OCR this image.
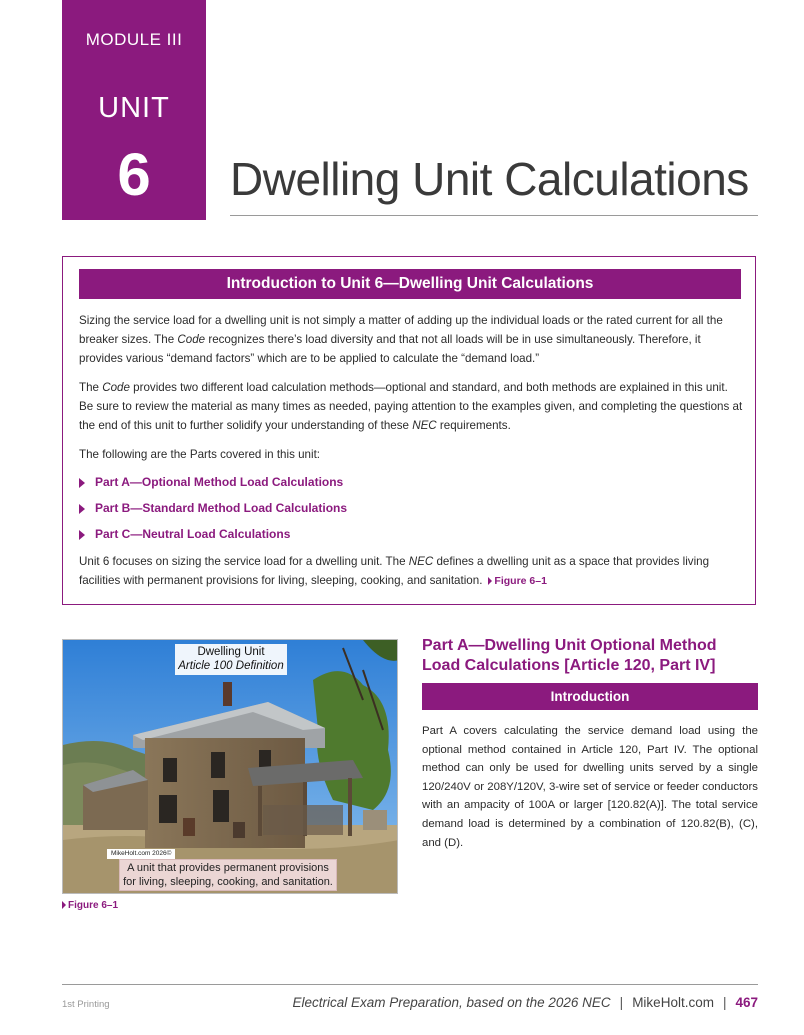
MODULE III
UNIT
6	Dwelling Unit Calculations
Introduction to Unit 6—Dwelling Unit Calculations

Sizing the service load for a dwelling unit is not simply a matter of adding up the individual loads or the rated current for all the breaker sizes. The Code recognizes there’s load diversity and that not all loads will be in use simultaneously. Therefore, it provides various “demand factors” which are to be applied to calculate the “demand load.”

The Code provides two different load calculation methods—optional and standard, and both methods are explained in this unit. Be sure to review the material as many times as needed, paying attention to the examples given, and completing the questions at the end of this unit to further solidify your understanding of these NEC requirements.

The following are the Parts covered in this unit:

Part A—Optional Method Load Calculations
Part B—Standard Method Load Calculations
Part C—Neutral Load Calculations

Unit 6 focuses on sizing the service load for a dwelling unit. The NEC defines a dwelling unit as a space that provides living facilities with permanent provisions for living, sleeping, cooking, and sanitation. Figure 6–1

Dwelling Unit
Article 100 Definition
MikeHolt.com 2026©
A unit that provides permanent provisions for living, sleeping, cooking, and sanitation.
Figure 6–1
Part A—Dwelling Unit Optional Method Load Calculations [Article 120, Part IV]
Introduction
Part A covers calculating the service demand load using the optional method contained in Article 120, Part IV. The optional method can only be used for dwelling units served by a single 120/240V or 208Y/120V, 3-wire set of service or feeder conductors with an ampacity of 100A or larger [120.82(A)]. The total service demand load is determined by a combination of 120.82(B), (C), and (D).
1st Printing	Electrical Exam Preparation, based on the 2026 NEC | MikeHolt.com | 467
